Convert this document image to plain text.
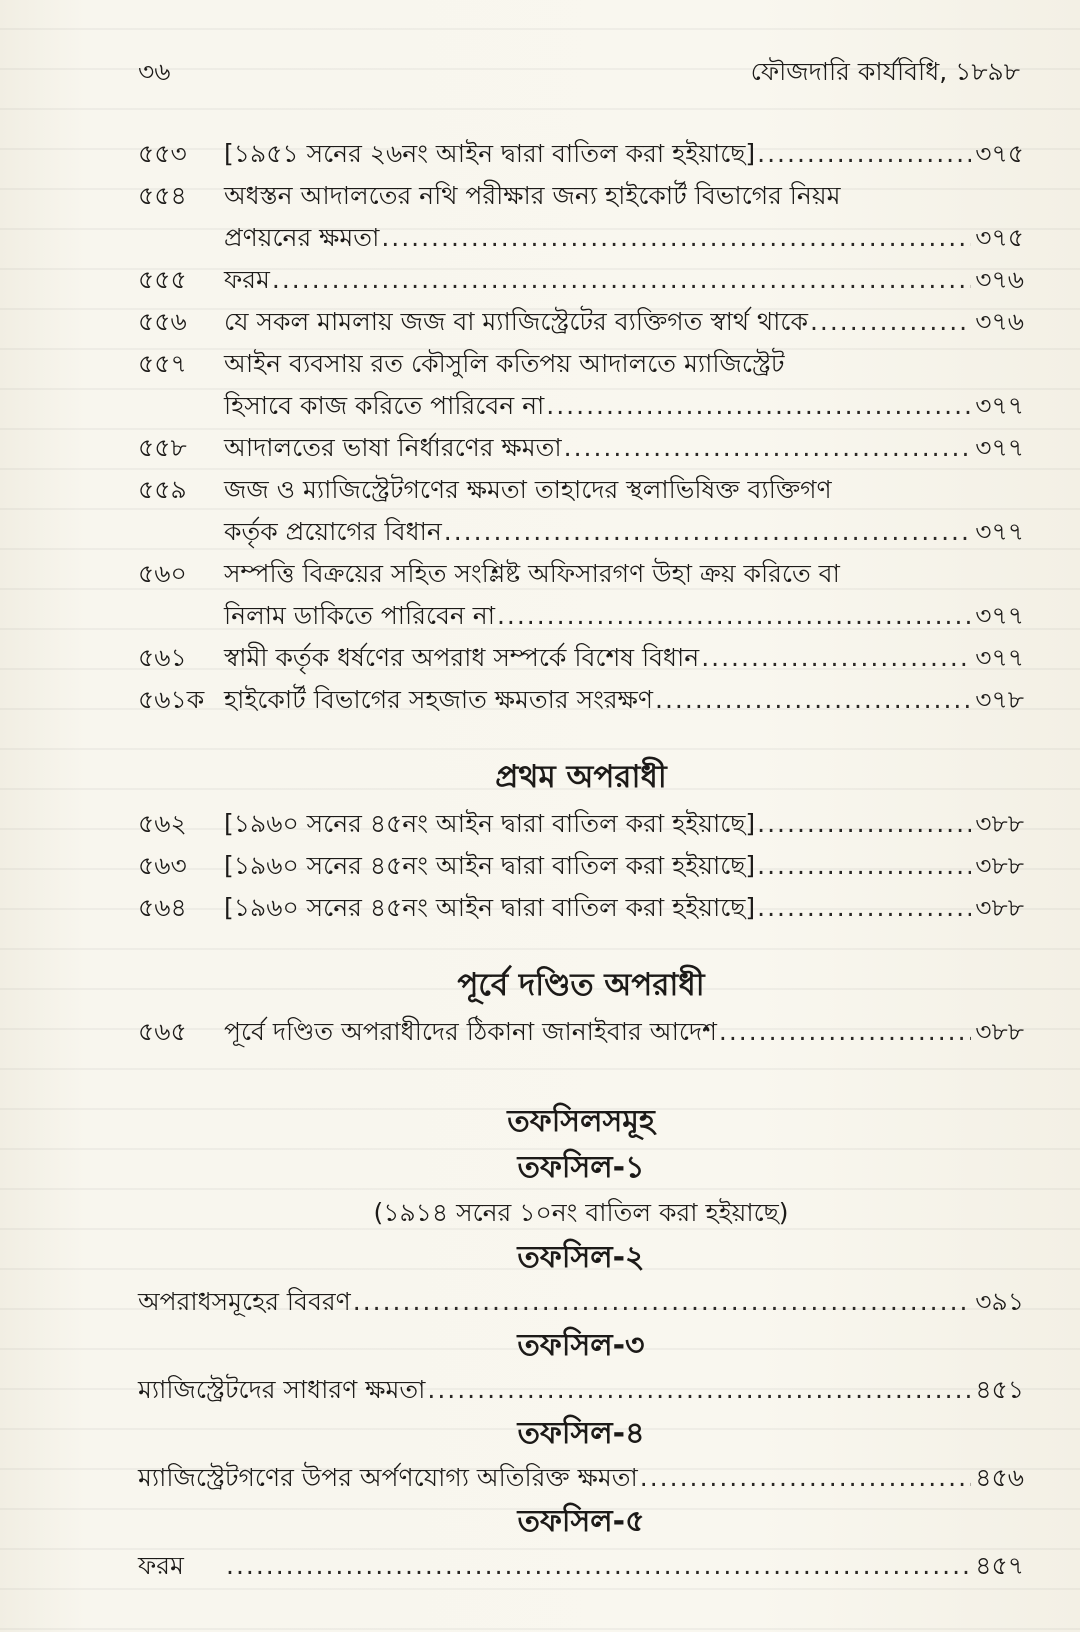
৩৬	ফৌজদারি কার্যবিধি, ১৮৯৮
৫৫৩	[১৯৫১ সনের ২৬নং আইন দ্বারা বাতিল করা হইয়াছে] .....	৩৭৫
৫৫৪	অধস্তন আদালতের নথি পরীক্ষার জন্য হাইকোর্ট বিভাগের নিয়ম
প্রণয়নের ক্ষমতা .....	৩৭৫
৫৫৫	ফরম .....	৩৭৬
৫৫৬	যে সকল মামলায় জজ বা ম্যাজিস্ট্রেটের ব্যক্তিগত স্বার্থ থাকে .....	৩৭৬
৫৫৭	আইন ব্যবসায় রত কৌসুলি কতিপয় আদালতে ম্যাজিস্ট্রেট
হিসাবে কাজ করিতে পারিবেন না .....	৩৭৭
৫৫৮	আদালতের ভাষা নির্ধারণের ক্ষমতা .....	৩৭৭
৫৫৯	জজ ও ম্যাজিস্ট্রেটগণের ক্ষমতা তাহাদের স্থলাভিষিক্ত ব্যক্তিগণ
কর্তৃক প্রয়োগের বিধান .....	৩৭৭
৫৬০	সম্পত্তি বিক্রয়ের সহিত সংশ্লিষ্ট অফিসারগণ উহা ক্রয় করিতে বা
নিলাম ডাকিতে পারিবেন না .....	৩৭৭
৫৬১	স্বামী কর্তৃক ধর্ষণের অপরাধ সম্পর্কে বিশেষ বিধান .....	৩৭৭
৫৬১ক হাইকোর্ট বিভাগের সহজাত ক্ষমতার সংরক্ষণ .....	৩৭৮
প্রথম অপরাধী
৫৬২	[১৯৬০ সনের ৪৫নং আইন দ্বারা বাতিল করা হইয়াছে] .....	৩৮৮
৫৬৩	[১৯৬০ সনের ৪৫নং আইন দ্বারা বাতিল করা হইয়াছে] .....	৩৮৮
৫৬৪	[১৯৬০ সনের ৪৫নং আইন দ্বারা বাতিল করা হইয়াছে] .....	৩৮৮
পূর্বে দণ্ডিত অপরাধী
৫৬৫	পূর্বে দণ্ডিত অপরাধীদের ঠিকানা জানাইবার আদেশ .....	৩৮৮
তফসিলসমূহ
তফসিল-১
(১৯১৪ সনের ১০নং বাতিল করা হইয়াছে)
তফসিল-২
অপরাধসমূহের বিবরণ .....	৩৯১
তফসিল-৩
ম্যাজিস্ট্রেটদের সাধারণ ক্ষমতা .....	৪৫১
তফসিল-৪
ম্যাজিস্ট্রেটগণের উপর অর্পণযোগ্য অতিরিক্ত ক্ষমতা .....	৪৫৬
তফসিল-৫
ফরম .....	৪৫৭
